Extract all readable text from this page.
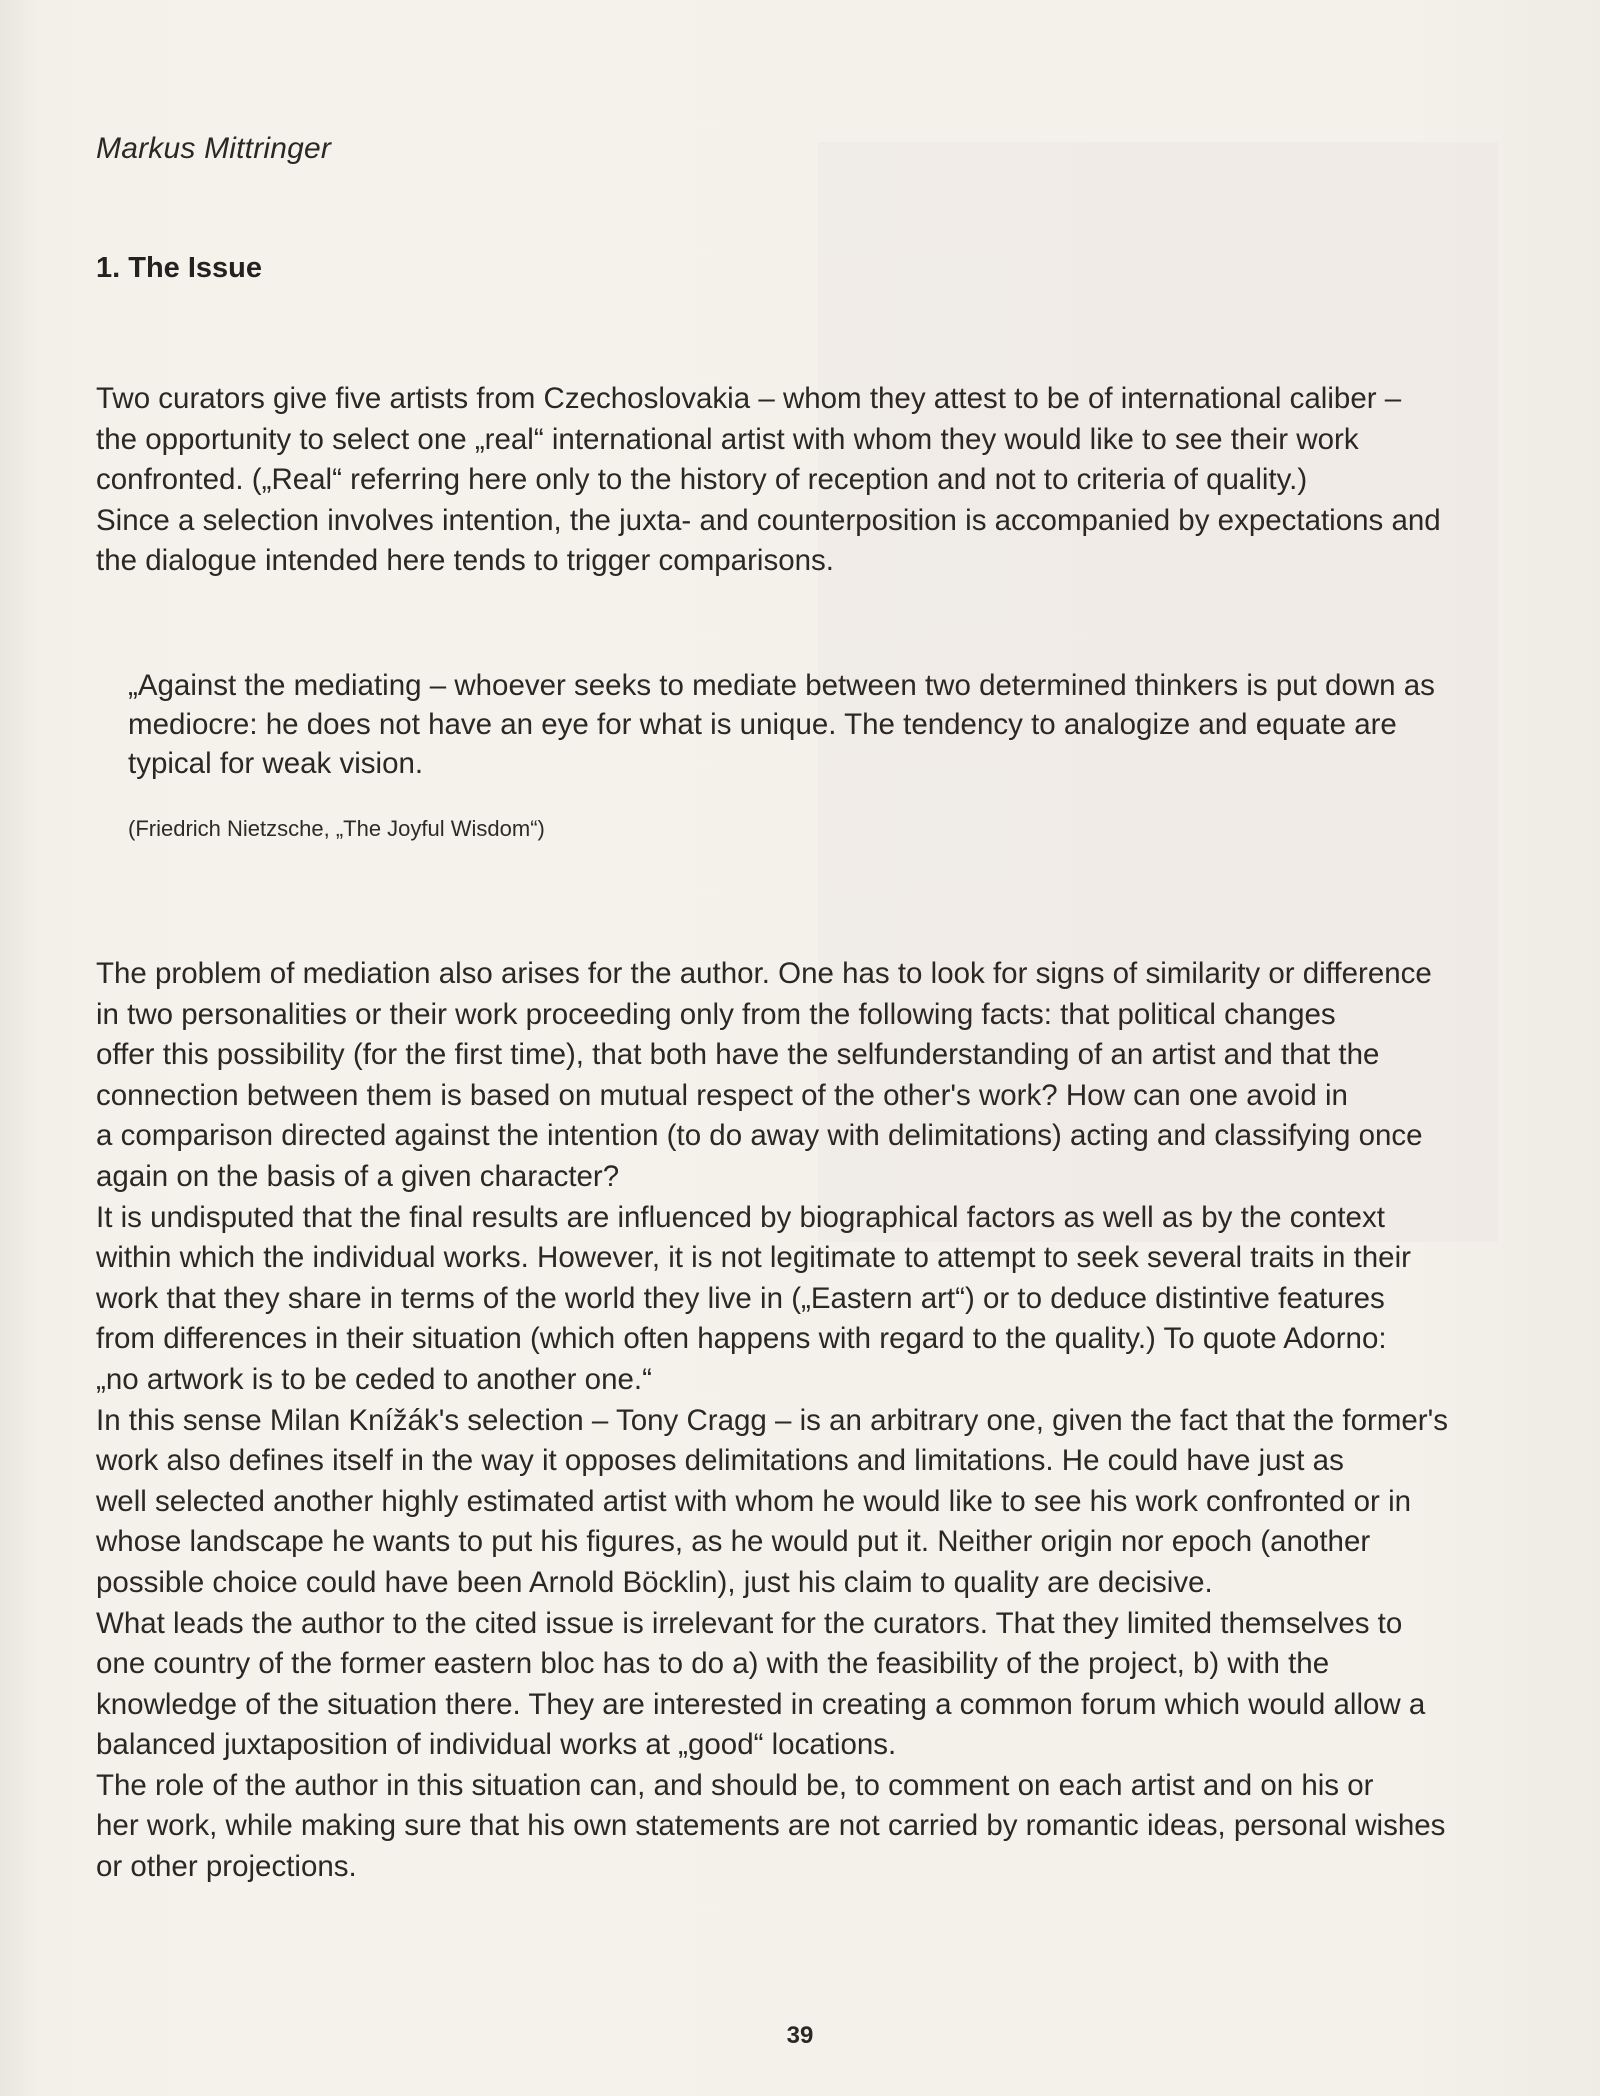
Markus Mittringer
1. The Issue
Two curators give five artists from Czechoslovakia – whom they attest to be of international caliber –
the opportunity to select one „real“ international artist with whom they would like to see their work
confronted. („Real“ referring here only to the history of reception and not to criteria of quality.)
Since a selection involves intention, the juxta- and counterposition is accompanied by expectations and
the dialogue intended here tends to trigger comparisons.
„Against the mediating – whoever seeks to mediate between two determined thinkers is put down as
mediocre: he does not have an eye for what is unique. The tendency to analogize and equate are
typical for weak vision.
(Friedrich Nietzsche, „The Joyful Wisdom“)
The problem of mediation also arises for the author. One has to look for signs of similarity or difference
in two personalities or their work proceeding only from the following facts: that political changes
offer this possibility (for the first time), that both have the selfunderstanding of an artist and that the
connection between them is based on mutual respect of the other's work? How can one avoid in
a comparison directed against the intention (to do away with delimitations) acting and classifying once
again on the basis of a given character?
It is undisputed that the final results are influenced by biographical factors as well as by the context
within which the individual works. However, it is not legitimate to attempt to seek several traits in their
work that they share in terms of the world they live in („Eastern art“) or to deduce distintive features
from differences in their situation (which often happens with regard to the quality.) To quote Adorno:
„no artwork is to be ceded to another one.“
In this sense Milan Knížák's selection – Tony Cragg – is an arbitrary one, given the fact that the former's
work also defines itself in the way it opposes delimitations and limitations. He could have just as
well selected another highly estimated artist with whom he would like to see his work confronted or in
whose landscape he wants to put his figures, as he would put it. Neither origin nor epoch (another
possible choice could have been Arnold Böcklin), just his claim to quality are decisive.
What leads the author to the cited issue is irrelevant for the curators. That they limited themselves to
one country of the former eastern bloc has to do a) with the feasibility of the project, b) with the
knowledge of the situation there. They are interested in creating a common forum which would allow a
balanced juxtaposition of individual works at „good“ locations.
The role of the author in this situation can, and should be, to comment on each artist and on his or
her work, while making sure that his own statements are not carried by romantic ideas, personal wishes
or other projections.
39
